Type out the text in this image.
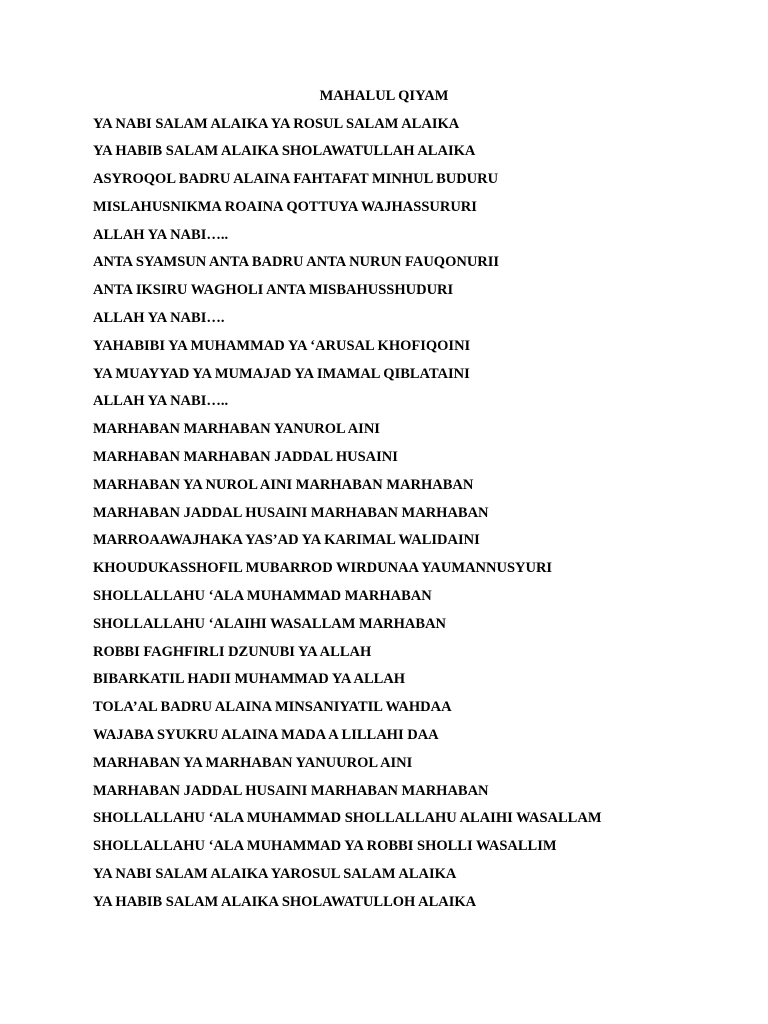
MAHALUL QIYAM
YA NABI SALAM ALAIKA YA ROSUL SALAM ALAIKA
YA HABIB SALAM ALAIKA SHOLAWATULLAH ALAIKA
ASYROQOL BADRU ALAINA FAHTAFAT MINHUL BUDURU
MISLAHUSNIKMA ROAINA QOTTUYA WAJHASSURURI
ALLAH YA NABI…..
ANTA SYAMSUN ANTA BADRU ANTA NURUN FAUQONURII
ANTA IKSIRU WAGHOLI ANTA MISBAHUSSHUDURI
ALLAH YA NABI….
YAHABIBI YA MUHAMMAD YA ‘ARUSAL KHOFIQOINI
YA MUAYYAD YA MUMAJAD YA IMAMAL QIBLATAINI
ALLAH YA NABI…..
MARHABAN MARHABAN YANUROL AINI
MARHABAN MARHABAN JADDAL HUSAINI
MARHABAN YA NUROL AINI MARHABAN MARHABAN
MARHABAN JADDAL HUSAINI MARHABAN MARHABAN
MARROAAWAJHAKA YAS’AD YA KARIMAL WALIDAINI
KHOUDUKASSHOFIL MUBARROD WIRDUNAA YAUMANNUSYURI
SHOLLALLAHU ‘ALA MUHAMMAD MARHABAN
SHOLLALLAHU ‘ALAIHI WASALLAM MARHABAN
ROBBI FAGHFIRLI DZUNUBI YA ALLAH
BIBARKATIL HADII MUHAMMAD YA ALLAH
TOLA’AL BADRU ALAINA MINSANIYATIL WAHDAA
WAJABA SYUKRU ALAINA MADA A LILLAHI DAA
MARHABAN YA MARHABAN YANUUROL AINI
MARHABAN JADDAL HUSAINI MARHABAN MARHABAN
SHOLLALLAHU ‘ALA MUHAMMAD SHOLLALLAHU ALAIHI WASALLAM
SHOLLALLAHU ‘ALA MUHAMMAD YA ROBBI SHOLLI WASALLIM
YA NABI SALAM ALAIKA YAROSUL SALAM ALAIKA
YA HABIB SALAM ALAIKA SHOLAWATULLOH ALAIKA
